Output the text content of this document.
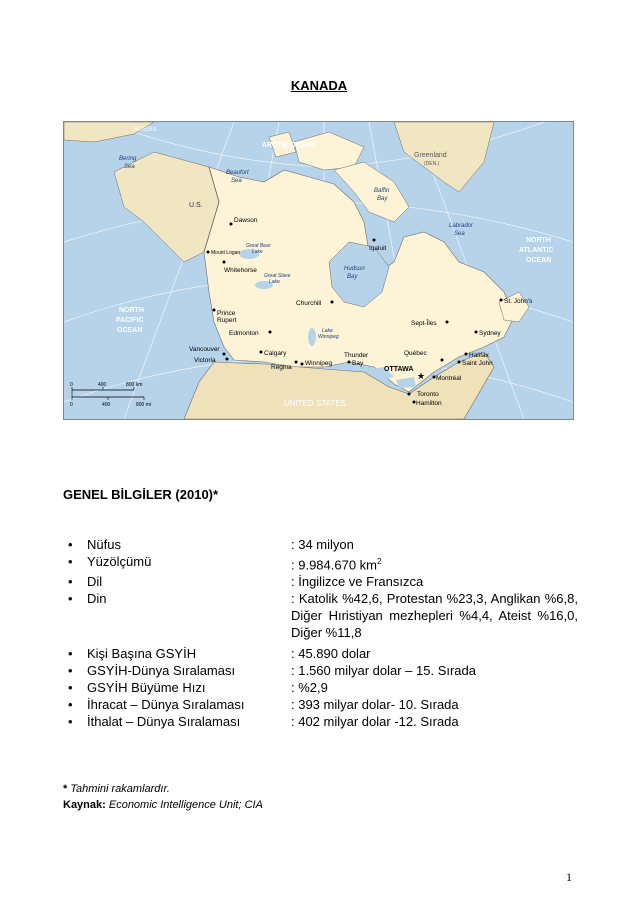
KANADA
ARCTIC OCEAN
NORTH
PACIFIC
OCEAN
NORTH
ATLANTIC
OCEAN
Bering
Sea
Beaufort
Sea
Baffin
Bay
Labrador
Sea
Hudson
Bay
RUSSIA
Greenland
(DEN.)
U.S.
UNITED STATES
Great Bear
Lake
Great Slave
Lake
Lake
Winnipeg
★
Dawson
Mount Logan
Whitehorse
Iqaluit
Churchill
Prince
Rupert
Edmonton
Vancouver
Victoria
Calgary
Regina
Winnipeg
Thunder
Bay
OTTAWA
Toronto
Hamilton
Montréal
Québec
Sept-Îles
St. John's
Sydney
Halifax
Saint John
0	400	800 km
0	400	800 mi
GENEL BİLGİLER (2010)*
•	Nüfus	: 34 milyon
•	Yüzölçümü	: 9.984.670 $km^2$
•	Dil	: İngilizce ve Fransızca
•	Din	: Katolik %42,6, Protestan %23,3, Anglikan %6,8, Diğer Hıristiyan mezhepleri %4,4, Ateist %16,0, Diğer %11,8
•	Kişi Başına GSYİH	: 45.890 dolar
•	GSYİH-Dünya Sıralaması	: 1.560 milyar dolar – 15. Sırada
•	GSYİH Büyüme Hızı	: %2,9
•	İhracat – Dünya Sıralaması	: 393 milyar dolar- 10. Sırada
•	İthalat – Dünya Sıralaması	: 402 milyar dolar -12. Sırada
* Tahmini rakamlardır.
Kaynak: Economic Intelligence Unit; CIA
1
